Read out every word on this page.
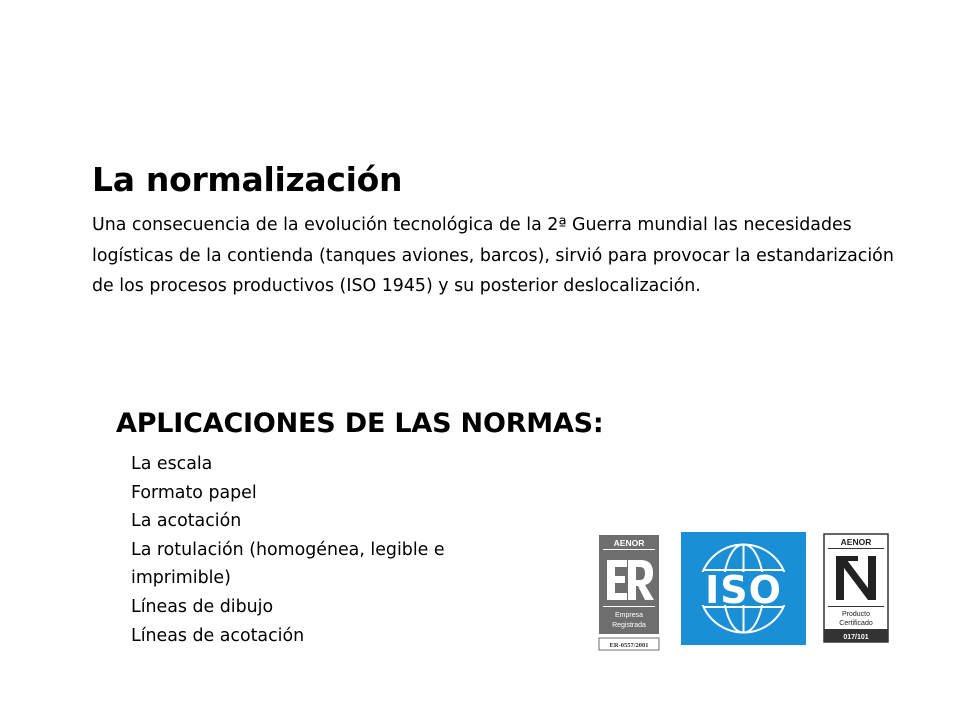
La normalización
Una consecuencia de la evolución tecnológica de la 2ª Guerra mundial las necesidades logísticas de la contienda (tanques aviones, barcos), sirvió para provocar la estandarización de los procesos productivos (ISO 1945) y su posterior deslocalización.
APLICACIONES DE LAS NORMAS:
La escala
Formato papel
La acotación
La rotulación (homogénea, legible e imprimible)
Líneas de dibujo
Líneas de acotación
AENOR
Empresa
Registrada
ER-0557/2001
ISO
AENOR
Producto
Certificado
017/101
